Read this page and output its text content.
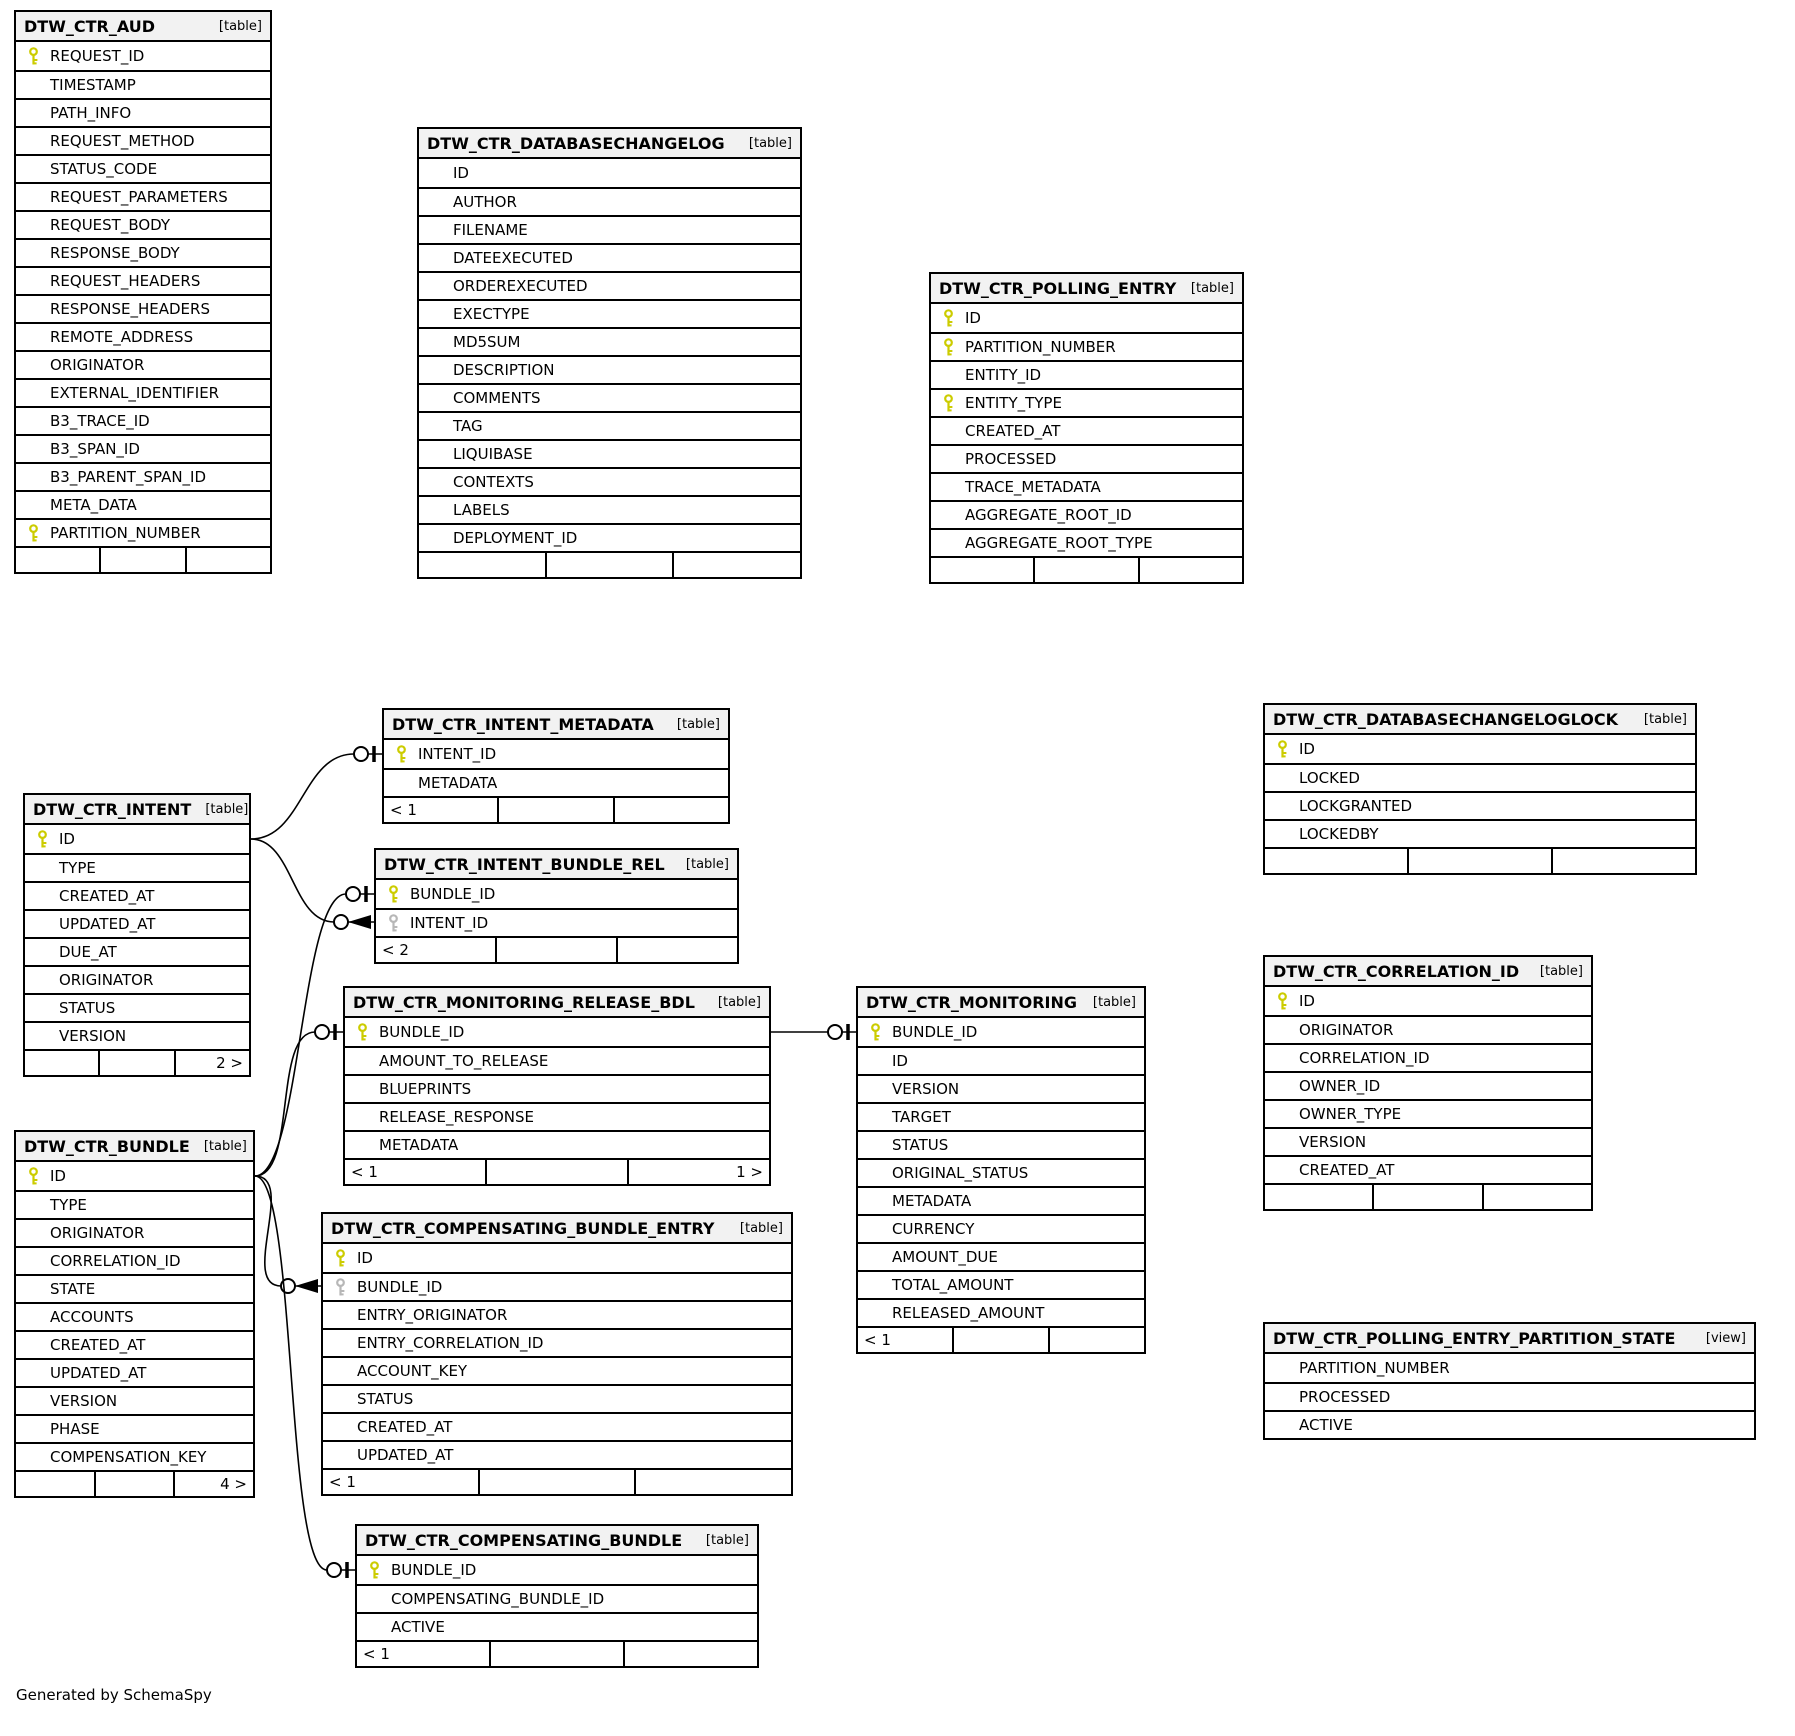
DTW_CTR_AUD	[table]
REQUEST_ID
TIMESTAMP
PATH_INFO
REQUEST_METHOD
STATUS_CODE
REQUEST_PARAMETERS
REQUEST_BODY
RESPONSE_BODY
REQUEST_HEADERS
RESPONSE_HEADERS
REMOTE_ADDRESS
ORIGINATOR
EXTERNAL_IDENTIFIER
B3_TRACE_ID
B3_SPAN_ID
B3_PARENT_SPAN_ID
META_DATA
PARTITION_NUMBER
DTW_CTR_DATABASECHANGELOG [table]
ID
AUTHOR
FILENAME
DATEEXECUTED
ORDEREXECUTED
EXECTYPE
MD5SUM
DESCRIPTION
COMMENTS
TAG
LIQUIBASE
CONTEXTS
LABELS
DEPLOYMENT_ID
DTW_CTR_POLLING_ENTRY [table]
ID
PARTITION_NUMBER
ENTITY_ID
ENTITY_TYPE
CREATED_AT
PROCESSED
TRACE_METADATA
AGGREGATE_ROOT_ID
AGGREGATE_ROOT_TYPE
DTW_CTR_INTENT_METADATA [table]
INTENT_ID
METADATA
< 1
DTW_CTR_INTENT [table]
ID
TYPE
CREATED_AT
UPDATED_AT
DUE_AT
ORIGINATOR
STATUS
VERSION
2 >
DTW_CTR_INTENT_BUNDLE_REL [table]
BUNDLE_ID
INTENT_ID
< 2
DTW_CTR_MONITORING_RELEASE_BDL [table]
BUNDLE_ID
AMOUNT_TO_RELEASE
BLUEPRINTS
RELEASE_RESPONSE
METADATA
< 1	1 >
DTW_CTR_MONITORING [table]
BUNDLE_ID
ID
VERSION
TARGET
STATUS
ORIGINAL_STATUS
METADATA
CURRENCY
AMOUNT_DUE
TOTAL_AMOUNT
RELEASED_AMOUNT
< 1
DTW_CTR_DATABASECHANGELOGLOCK [table]
ID
LOCKED
LOCKGRANTED
LOCKEDBY
DTW_CTR_CORRELATION_ID [table]
ID
ORIGINATOR
CORRELATION_ID
OWNER_ID
OWNER_TYPE
VERSION
CREATED_AT
DTW_CTR_BUNDLE [table]
ID
TYPE
ORIGINATOR
CORRELATION_ID
STATE
ACCOUNTS
CREATED_AT
UPDATED_AT
VERSION
PHASE
COMPENSATION_KEY
4 >
DTW_CTR_COMPENSATING_BUNDLE_ENTRY [table]
ID
BUNDLE_ID
ENTRY_ORIGINATOR
ENTRY_CORRELATION_ID
ACCOUNT_KEY
STATUS
CREATED_AT
UPDATED_AT
< 1
DTW_CTR_COMPENSATING_BUNDLE [table]
BUNDLE_ID
COMPENSATING_BUNDLE_ID
ACTIVE
< 1
DTW_CTR_POLLING_ENTRY_PARTITION_STATE [view]
PARTITION_NUMBER
PROCESSED
ACTIVE
Generated by SchemaSpy
